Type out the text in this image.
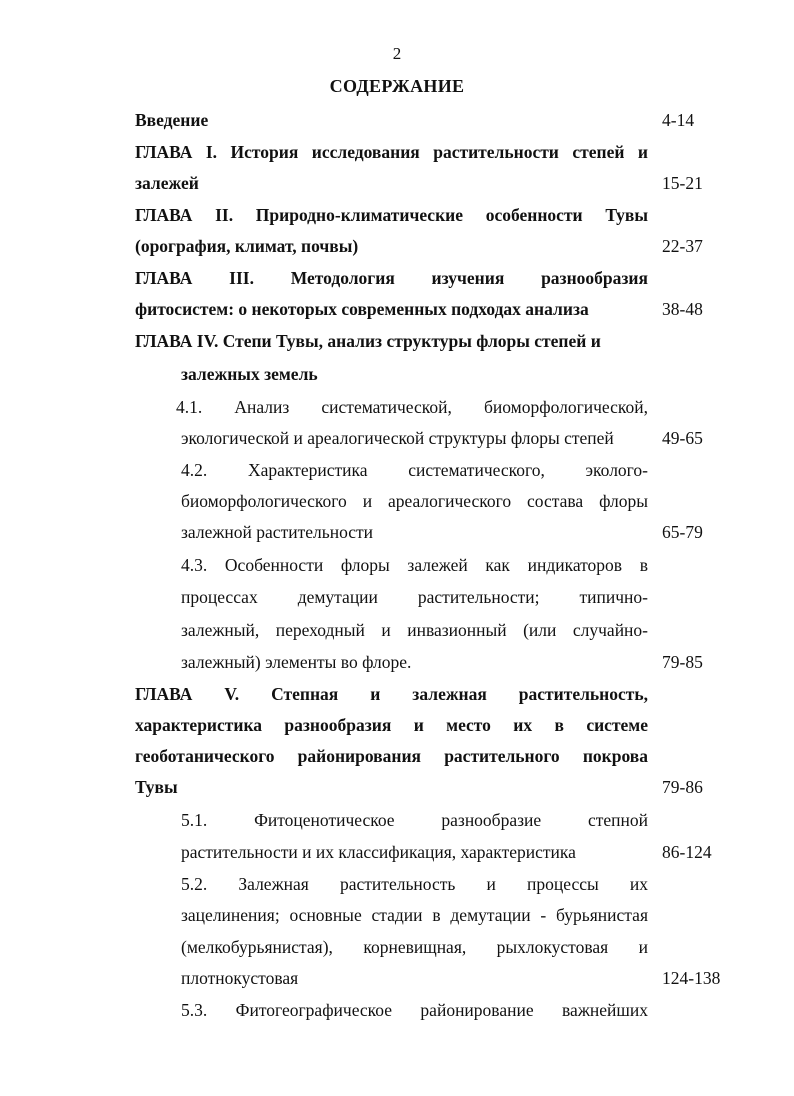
2
СОДЕРЖАНИЕ
Введение	4-14
ГЛАВА I. История исследования растительности степей и
залежей	15-21
ГЛАВА II. Природно-климатические особенности Тувы
(орография, климат, почвы)	22-37
ГЛАВА III. Методология изучения разнообразия
фитосистем: о некоторых современных подходах анализа	38-48
ГЛАВА IV. Степи Тувы, анализ структуры флоры степей и
залежных земель
4.1. Анализ систематической, биоморфологической,
экологической и ареалогической структуры флоры степей	49-65
4.2. Характеристика систематического, эколого-
биоморфологического и ареалогического состава флоры
залежной растительности	65-79
4.3. Особенности флоры залежей как индикаторов в
процессах демутации растительности; типично-
залежный, переходный и инвазионный (или случайно-
залежный) элементы во флоре.	79-85
ГЛАВА V. Степная и залежная растительность,
характеристика разнообразия и место их в системе
геоботанического районирования растительного покрова
Тувы	79-86
5.1. Фитоценотическое разнообразие степной
растительности и их классификация, характеристика	86-124
5.2. Залежная растительность и процессы их
зацелинения; основные стадии в демутации - бурьянистая
(мелкобурьянистая), корневищная, рыхлокустовая и
плотнокустовая	124-138
5.3. Фитогеографическое районирование важнейших
